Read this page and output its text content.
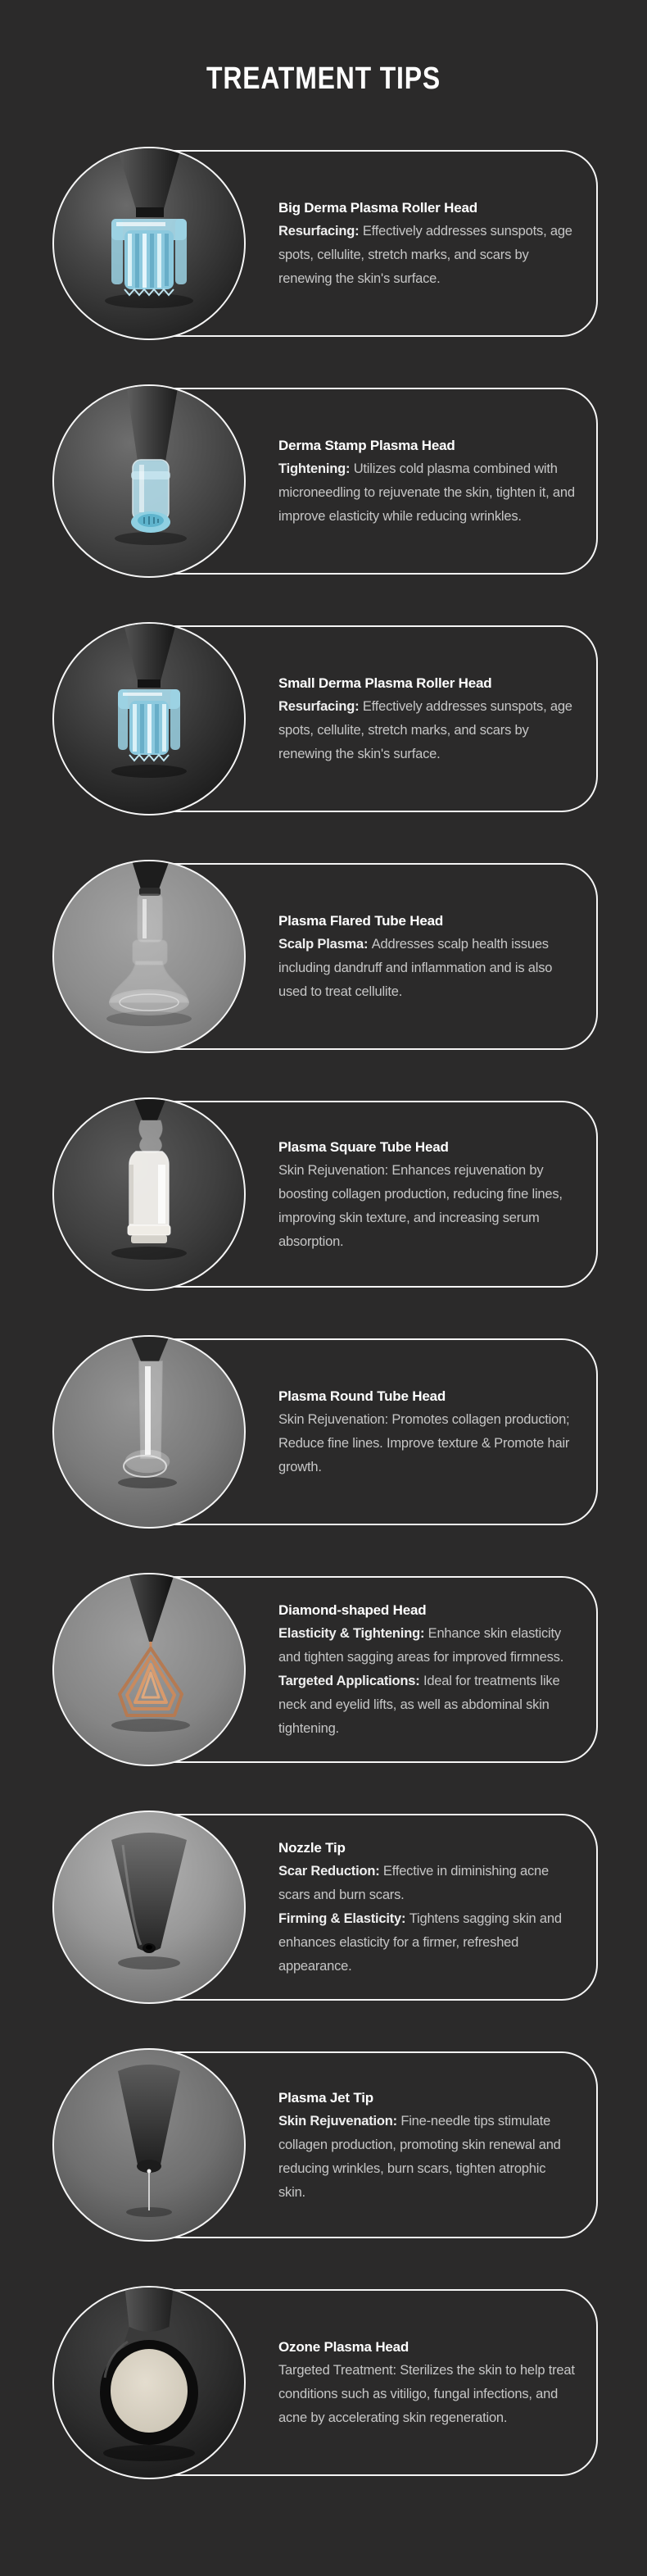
TREATMENT TIPS
Big Derma Plasma Roller Head

Resurfacing: Effectively addresses sunspots, age spots, cellulite, stretch marks, and scars by renewing the skin's surface.

Derma Stamp Plasma Head

Tightening: Utilizes cold plasma combined with microneedling to rejuvenate the skin, tighten it, and improve elasticity while reducing wrinkles.

Small Derma Plasma Roller Head

Resurfacing: Effectively addresses sunspots, age spots, cellulite, stretch marks, and scars by renewing the skin's surface.

Plasma Flared Tube Head

Scalp Plasma: Addresses scalp health issues including dandruff and inflammation and is also used to treat cellulite.

Plasma Square Tube Head

Skin Rejuvenation: Enhances rejuvenation by boosting collagen production, reducing fine lines, improving skin texture, and increasing serum absorption.

Plasma Round Tube Head

Skin Rejuvenation: Promotes collagen production; Reduce fine lines. Improve texture & Promote hair growth.

Diamond-shaped Head

Elasticity & Tightening: Enhance skin elasticity and tighten sagging areas for improved firmness.

Targeted Applications: Ideal for treatments like neck and eyelid lifts, as well as abdominal skin tightening.

Nozzle Tip

Scar Reduction: Effective in diminishing acne scars and burn scars.

Firming & Elasticity: Tightens sagging skin and enhances elasticity for a firmer, refreshed appearance.

Plasma Jet Tip

Skin Rejuvenation: Fine-needle tips stimulate collagen production, promoting skin renewal and reducing wrinkles, burn scars, tighten atrophic skin.

Ozone Plasma Head

Targeted Treatment: Sterilizes the skin to help treat conditions such as vitiligo, fungal infections, and acne by accelerating skin regeneration.
